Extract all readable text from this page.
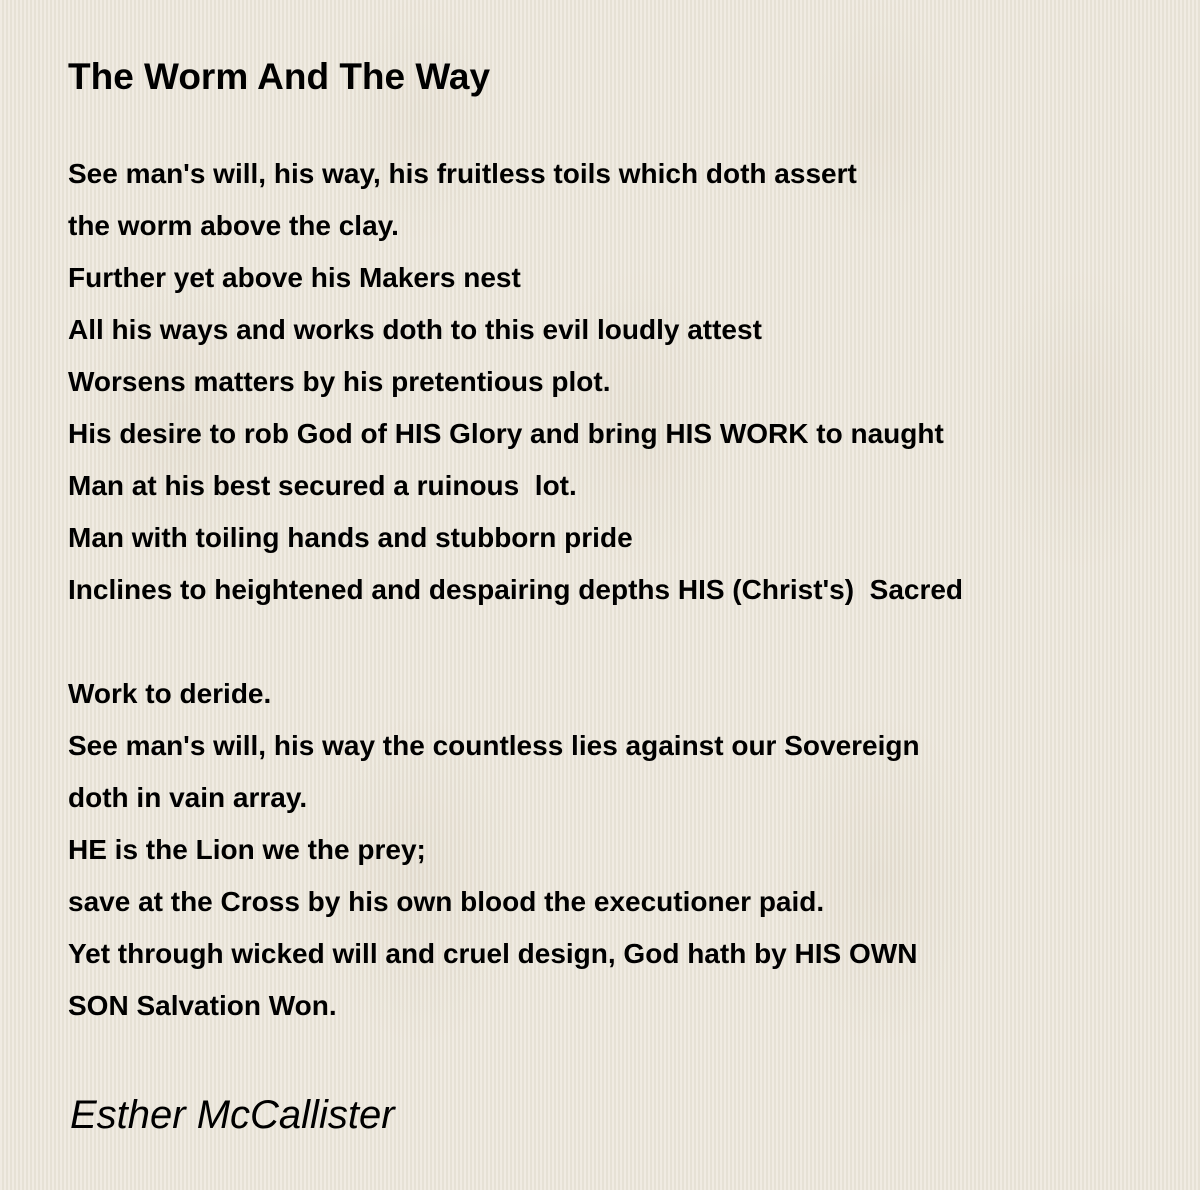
The Worm And The Way
See man's will, his way, his fruitless toils which doth assert
the worm above the clay.
Further yet above his Makers nest
All his ways and works doth to this evil loudly attest
Worsens matters by his pretentious plot.
His desire to rob God of HIS Glory and bring HIS WORK to naught
Man at his best secured a ruinous  lot.
Man with toiling hands and stubborn pride
Inclines to heightened and despairing depths HIS (Christ's)  Sacred
Work to deride.
See man's will, his way the countless lies against our Sovereign
doth in vain array.
HE is the Lion we the prey;
save at the Cross by his own blood the executioner paid.
Yet through wicked will and cruel design, God hath by HIS OWN
SON Salvation Won.
Esther McCallister
